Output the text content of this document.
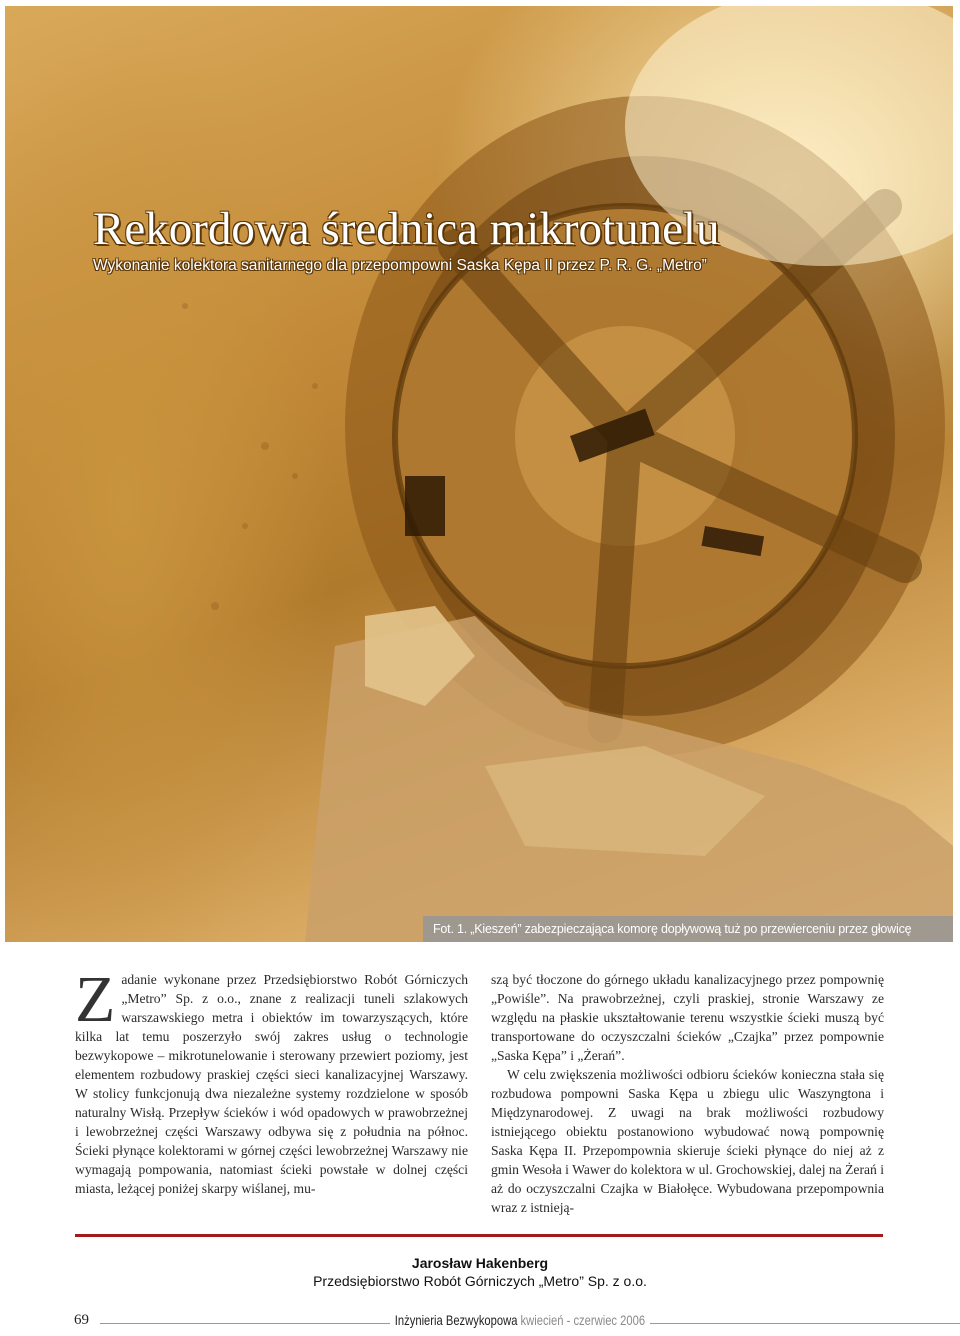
Rekordowa średnica mikrotunelu

Wykonanie kolektora sanitarnego dla przepompowni Saska Kępa II przez P. R. G. „Metro”

Fot. 1. „Kieszeń” zabezpieczająca komorę dopływową tuż po przewierceniu przez głowicę

Zadanie wykonane przez Przedsiębiorstwo Robót Górniczych „Metro” Sp. z o.o., znane z realizacji tuneli szlakowych warszawskiego metra i obiektów im towarzyszących, które kilka lat temu poszerzyło swój zakres usług o technologie bezwykopowe – mikrotunelowanie i sterowany przewiert poziomy, jest elementem rozbudowy praskiej części sieci kanalizacyjnej Warszawy. W stolicy funkcjonują dwa niezależne systemy rozdzielone w sposób naturalny Wisłą. Przepływ ścieków i wód opadowych w prawobrzeżnej i lewobrzeżnej części Warszawy odbywa się z południa na północ. Ścieki płynące kolektorami w górnej części lewobrzeżnej Warszawy nie wymagają pompowania, natomiast ścieki powstałe w dolnej części miasta, leżącej poniżej skarpy wiślanej, mu-

szą być tłoczone do górnego układu kanalizacyjnego przez pompownię „Powiśle”. Na prawobrzeżnej, czyli praskiej, stronie Warszawy ze względu na płaskie ukształtowanie terenu wszystkie ścieki muszą być transportowane do oczyszczalni ścieków „Czajka” przez pompownie „Saska Kępa” i „Żerań”.

W celu zwiększenia możliwości odbioru ścieków konieczna stała się rozbudowa pompowni Saska Kępa u zbiegu ulic Waszyngtona i Międzynarodowej. Z uwagi na brak możliwości rozbudowy istniejącego obiektu postanowiono wybudować nową pompownię Saska Kępa II. Przepompownia skieruje ścieki płynące do niej aż z gmin Wesoła i Wawer do kolektora w ul. Grochowskiej, dalej na Żerań i aż do oczyszczalni Czajka w Białołęce. Wybudowana przepompownia wraz z istnieją-

Jarosław Hakenberg
Przedsiębiorstwo Robót Górniczych „Metro” Sp. z o.o.
69	Inżynieria Bezwykopowa kwiecień - czerwiec 2006
